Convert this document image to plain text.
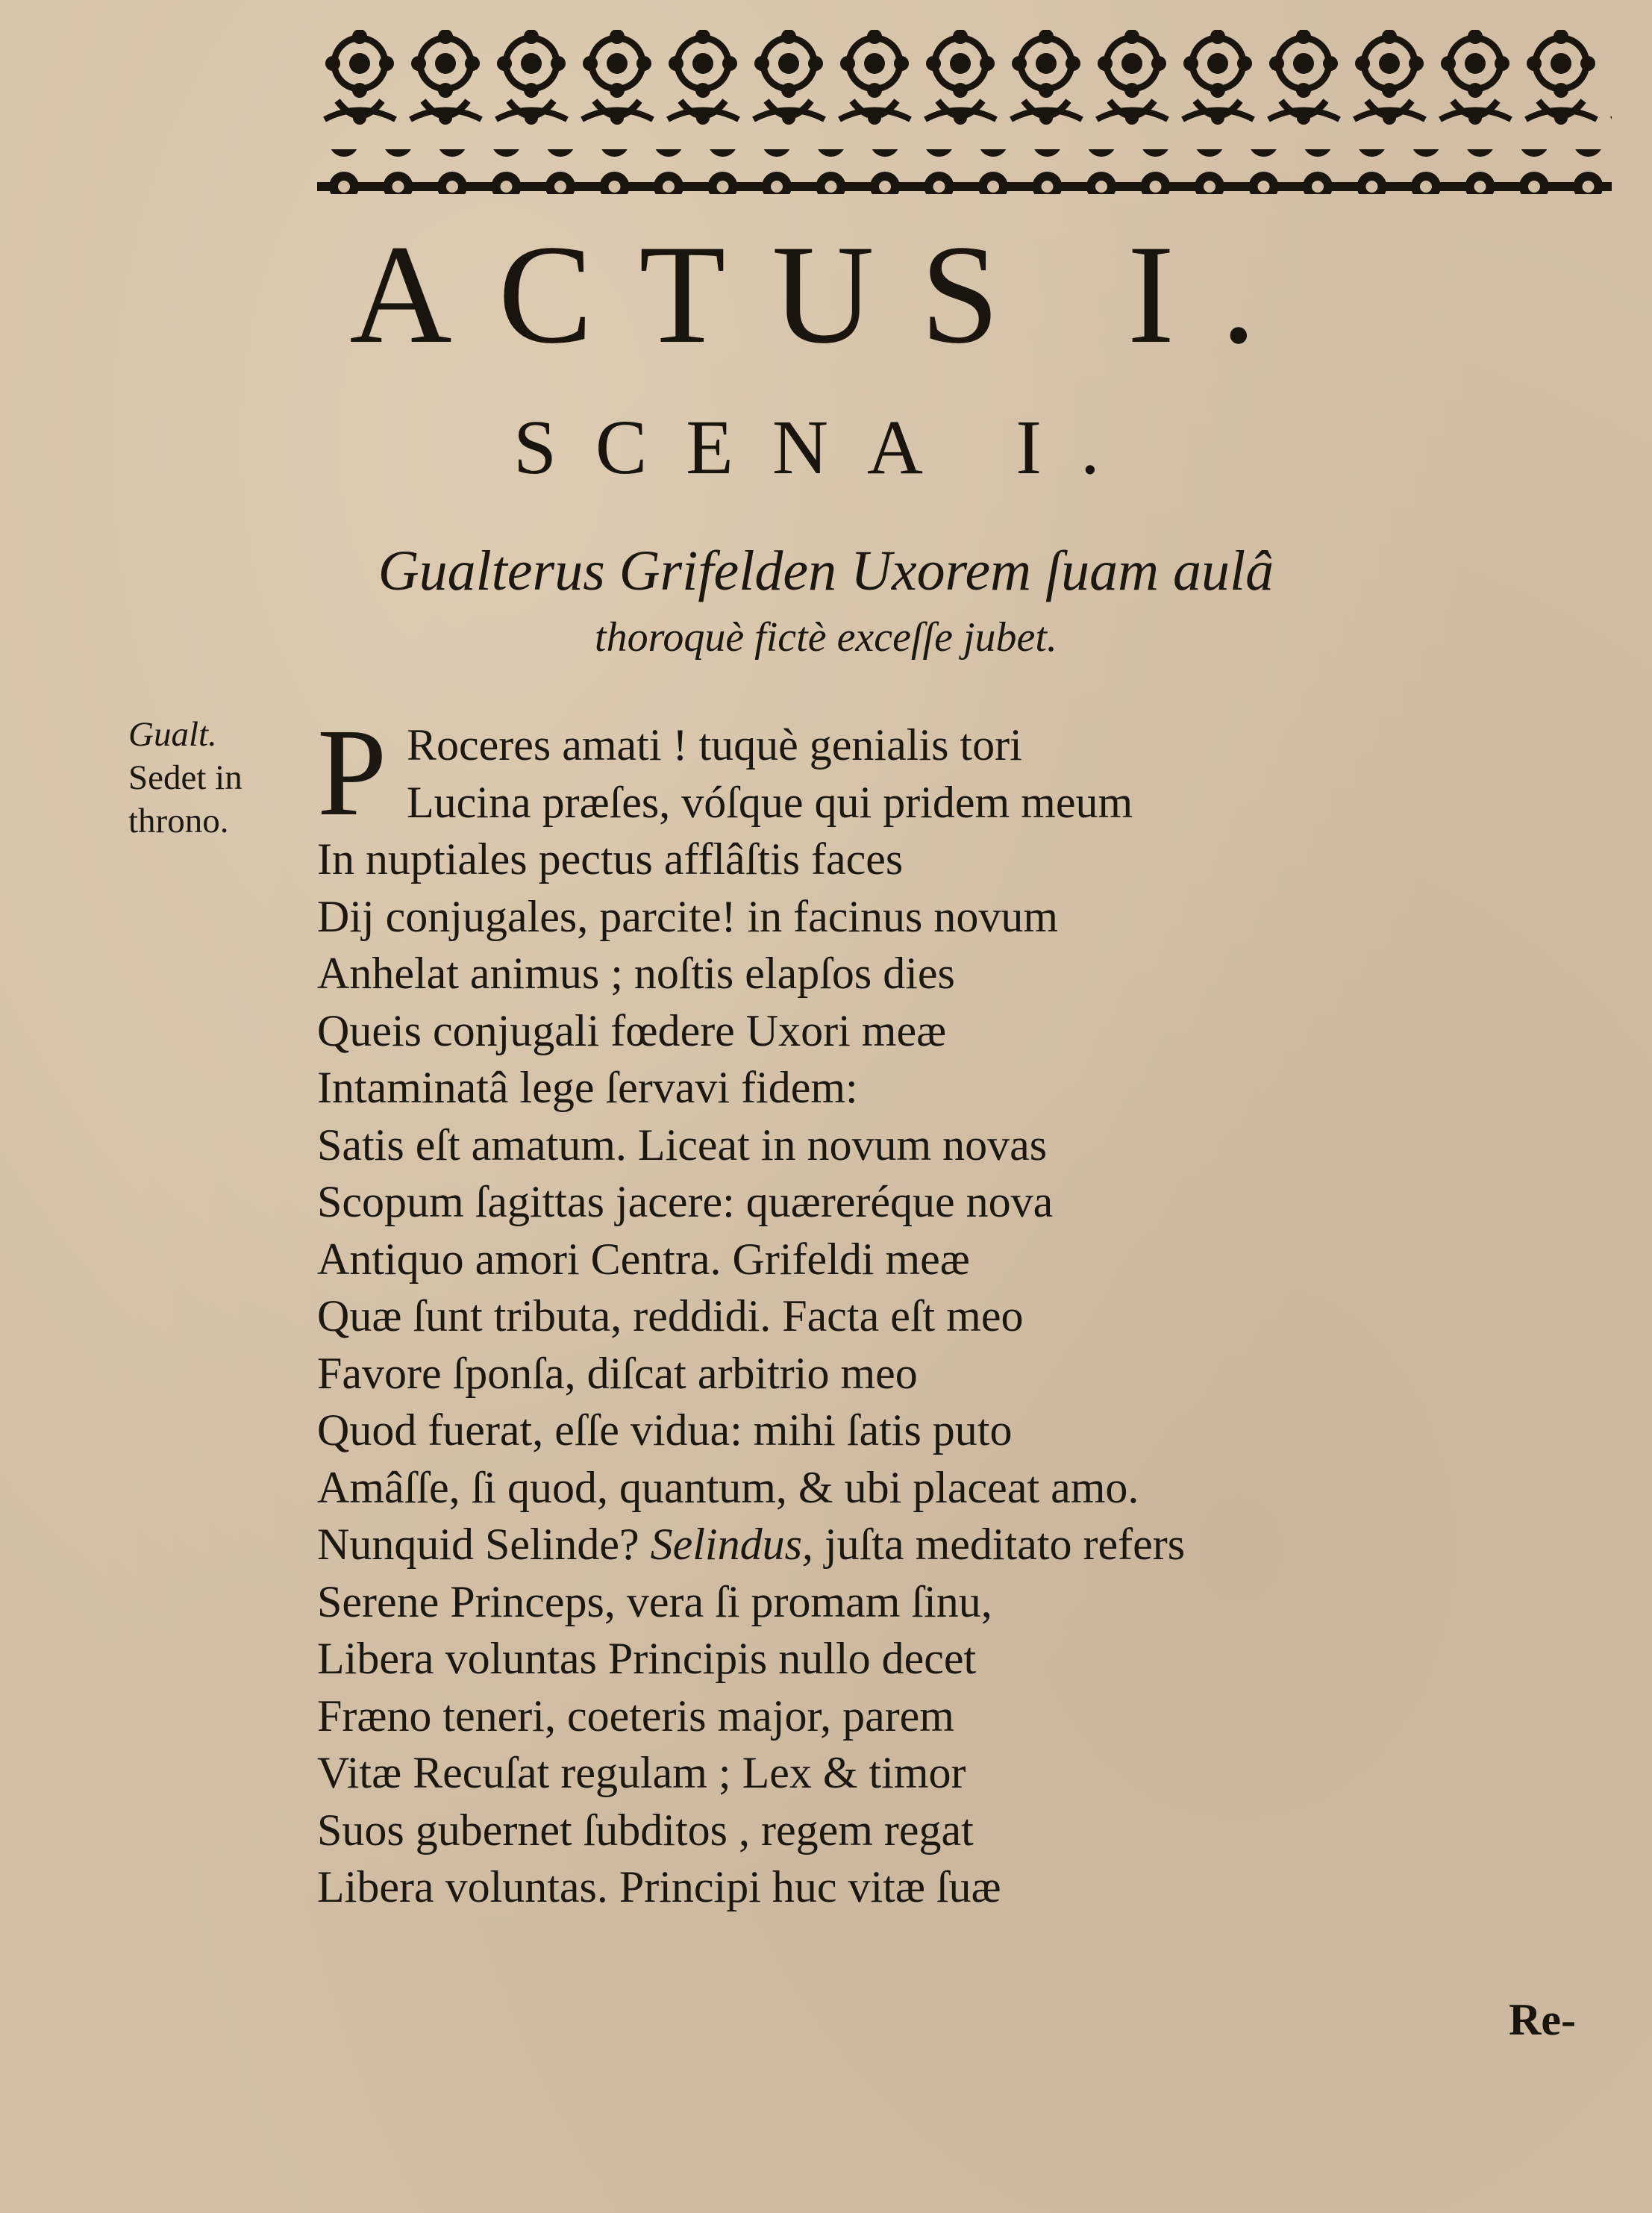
ACTUS I.
SCENA I.
Gualterus Grifelden Uxorem ſuam aulâ
thoroquè fictè exceſſe jubet.
Gualt.
Sedet in
throno. P Roceres amati ! tuquè genialis tori
Lucina præſes, vóſque qui pridem meum
In nuptiales pectus afflâſtis faces
Dij conjugales, parcite! in facinus novum
Anhelat animus ; noſtis elapſos dies
Queis conjugali fœdere Uxori meæ
Intaminatâ lege ſervavi fidem:
Satis eſt amatum. Liceat in novum novas
Scopum ſagittas jacere: quæreréque nova
Antiquo amori Centra. Grifeldi meæ
Quæ ſunt tributa, reddidi. Facta eſt meo
Favore ſponſa, diſcat arbitrio meo
Quod fuerat, eſſe vidua: mihi ſatis puto
Amâſſe, ſi quod, quantum, & ubi placeat amo.
Nunquid Selinde? Selindus, juſta meditato refers
Serene Princeps, vera ſi promam ſinu,
Libera voluntas Principis nullo decet
Fræno teneri, coeteris major, parem
Vitæ Recuſat regulam ; Lex & timor
Suos gubernet ſubditos , regem regat
Libera voluntas. Principi huc vitæ ſuæ
Re-
